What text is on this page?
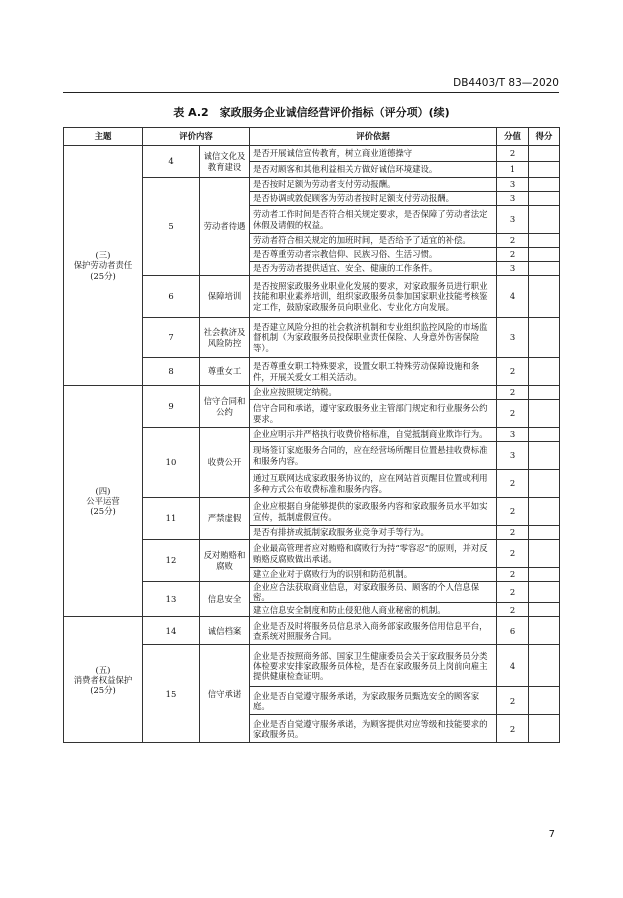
DB4403/T 83—2020
表 A.2　家政服务企业诚信经营评价指标（评分项）(续)
主题	评价内容		评价依据	分值	得分
(三)
保护劳动者责任
(25分)	4	诚信文化及教育建设	是否开展诚信宣传教育，树立商业道德操守	2	
			是否对顾客和其他利益相关方做好诚信环境建设。	1	
	5	劳动者待遇	是否按时足额为劳动者支付劳动报酬。	3	
			是否协调或敦促顾客为劳动者按时足额支付劳动报酬。	3	
			劳动者工作时间是否符合相关规定要求，是否保障了劳动者法定休假及请假的权益。	3	
			劳动者符合相关规定的加班时间，是否给予了适宜的补偿。	2	
			是否尊重劳动者宗教信仰、民族习俗、生活习惯。	2	
			是否为劳动者提供适宜、安全、健康的工作条件。	3	
	6	保障培训	是否按照家政服务业职业化发展的要求，对家政服务员进行职业技能和职业素养培训，组织家政服务员参加国家职业技能考核鉴定工作，鼓励家政服务员向职业化、专业化方向发展。	4	
	7	社会救济及风险防控	是否建立风险分担的社会救济机制和专业组织监控风险的市场监督机制（为家政服务员投保职业责任保险、人身意外伤害保险等）。	3	
	8	尊重女工	是否尊重女职工特殊要求，设置女职工特殊劳动保障设施和条件，开展关爱女工相关活动。	2	
(四)
公平运营
(25分)	9	信守合同和公约	企业应按照规定纳税。	2	
			信守合同和承诺，遵守家政服务业主管部门规定和行业服务公约要求。	2	
	10	收费公开	企业应明示并严格执行收费价格标准，自觉抵制商业欺诈行为。	3	
			现场签订家庭服务合同的，应在经营场所醒目位置悬挂收费标准和服务内容。	3	
			通过互联网达成家政服务协议的，应在网站首页醒目位置或利用多种方式公布收费标准和服务内容。	2	
	11	严禁虚假	企业应根据自身能够提供的家政服务内容和家政服务员水平如实宣传，抵制虚假宣传。	2	
			是否有排挤或抵制家政服务业竞争对手等行为。	2	
	12	反对贿赂和腐败	企业最高管理者应对贿赂和腐败行为持“零容忍”的原则，并对反贿赂反腐败做出承诺。	2	
			建立企业对于腐败行为的识别和防范机制。	2	
	13	信息安全	企业应合法获取商业信息，对家政服务员、顾客的个人信息保密。	2	
			建立信息安全制度和防止侵犯他人商业秘密的机制。	2	
(五)
消费者权益保护
(25分)	14	诚信档案	企业是否及时将服务员信息录入商务部家政服务信用信息平台，查系统对照服务合同。	6	
	15	信守承诺	企业是否按照商务部、国家卫生健康委员会关于家政服务员分类体检要求安排家政服务员体检，是否在家政服务员上岗前向雇主提供健康检查证明。	4	
			企业是否自觉遵守服务承诺，为家政服务员甄选安全的顾客家庭。	2	
			企业是否自觉遵守服务承诺，为顾客提供对应等级和技能要求的家政服务员。	2	
7
